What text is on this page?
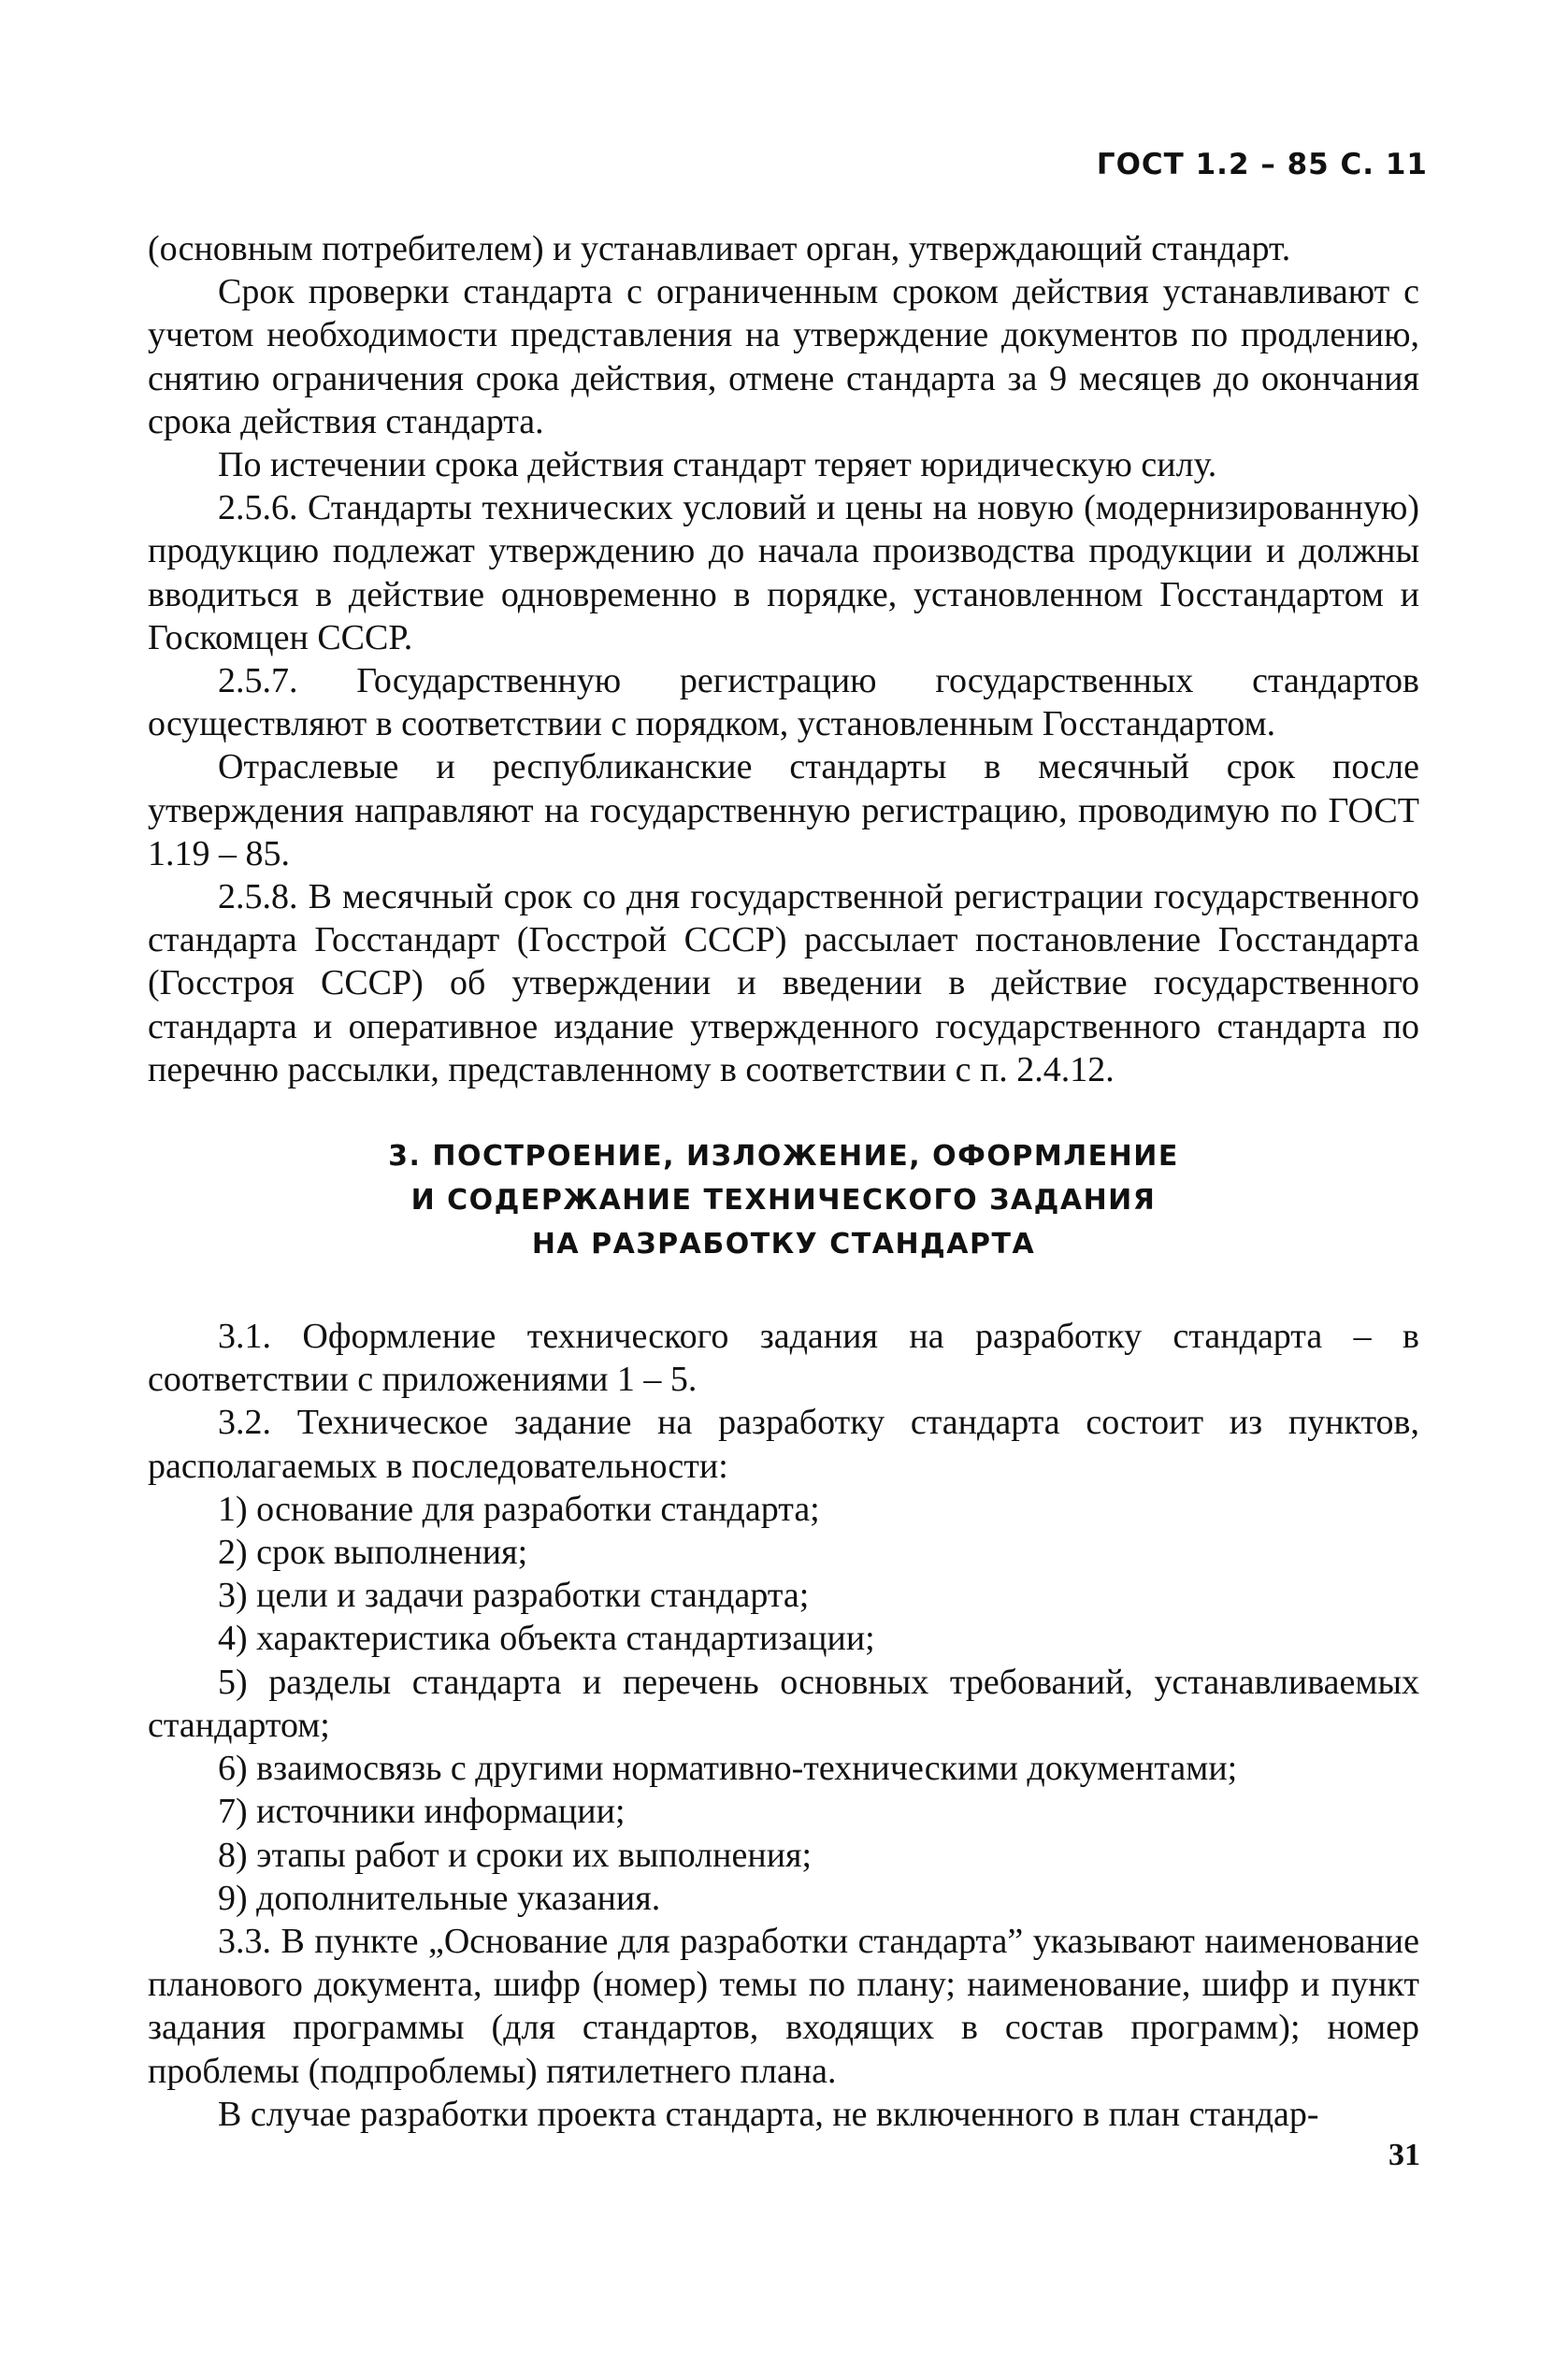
ГОСТ 1.2 – 85 С. 11

(основным потребителем) и устанавливает орган, утверждающий стандарт.

Срок проверки стандарта с ограниченным сроком действия устанавливают с учетом необходимости представления на утверждение документов по продлению, снятию ограничения срока действия, отмене стандарта за 9 месяцев до окончания срока действия стандарта.

По истечении срока действия стандарт теряет юридическую силу.

2.5.6. Стандарты технических условий и цены на новую (модернизированную) продукцию подлежат утверждению до начала производства продукции и должны вводиться в действие одновременно в порядке, установленном Госстандартом и Госкомцен СССР.

2.5.7. Государственную регистрацию государственных стандартов осуществляют в соответствии с порядком, установленным Госстандартом.

Отраслевые и республиканские стандарты в месячный срок после утверждения направляют на государственную регистрацию, проводимую по ГОСТ 1.19 – 85.

2.5.8. В месячный срок со дня государственной регистрации государственного стандарта Госстандарт (Госстрой СССР) рассылает постановление Госстандарта (Госстроя СССР) об утверждении и введении в действие государственного стандарта и оперативное издание утвержденного государственного стандарта по перечню рассылки, представленному в соответствии с п. 2.4.12.

3. ПОСТРОЕНИЕ, ИЗЛОЖЕНИЕ, ОФОРМЛЕНИЕ
И СОДЕРЖАНИЕ ТЕХНИЧЕСКОГО ЗАДАНИЯ
НА РАЗРАБОТКУ СТАНДАРТА

3.1. Оформление технического задания на разработку стандарта – в соответствии с приложениями 1 – 5.

3.2. Техническое задание на разработку стандарта состоит из пунктов, располагаемых в последовательности:

1) основание для разработки стандарта;

2) срок выполнения;

3) цели и задачи разработки стандарта;

4) характеристика объекта стандартизации;

5) разделы стандарта и перечень основных требований, устанавливаемых стандартом;

6) взаимосвязь с другими нормативно-техническими документами;

7) источники информации;

8) этапы работ и сроки их выполнения;

9) дополнительные указания.

3.3. В пункте „Основание для разработки стандарта” указывают наименование планового документа, шифр (номер) темы по плану; наименование, шифр и пункт задания программы (для стандартов, входящих в состав программ); номер проблемы (подпроблемы) пятилетнего плана.

В случае разработки проекта стандарта, не включенного в план стандар-

31
